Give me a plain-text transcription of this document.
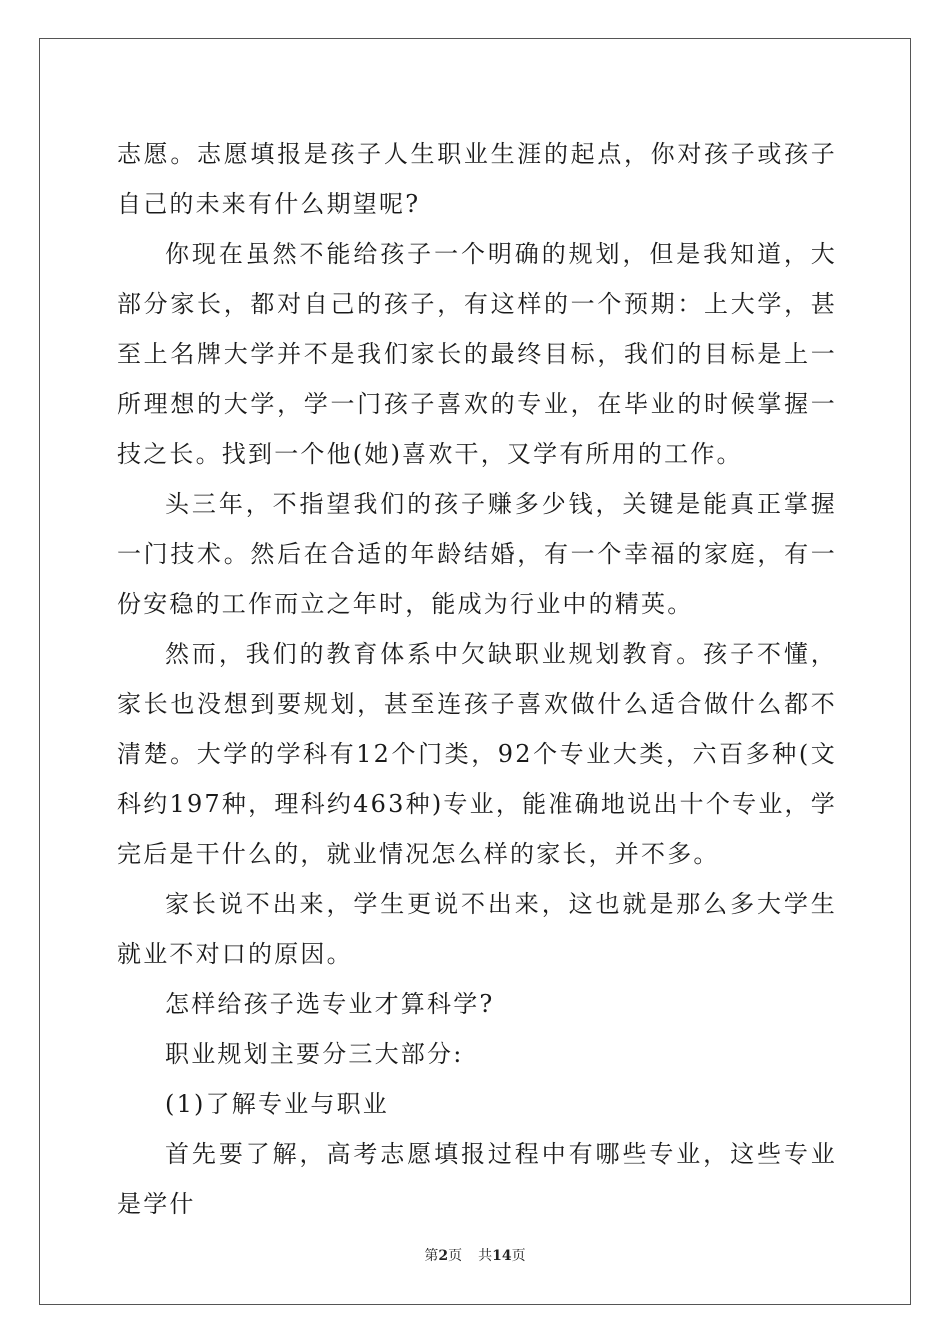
志愿。志愿填报是孩子人生职业生涯的起点，你对孩子或孩子自己的未来有什么期望呢?

你现在虽然不能给孩子一个明确的规划，但是我知道，大部分家长，都对自己的孩子，有这样的一个预期：上大学，甚至上名牌大学并不是我们家长的最终目标，我们的目标是上一所理想的大学，学一门孩子喜欢的专业，在毕业的时候掌握一技之长。找到一个他(她)喜欢干，又学有所用的工作。

头三年，不指望我们的孩子赚多少钱，关键是能真正掌握一门技术。然后在合适的年龄结婚，有一个幸福的家庭，有一份安稳的工作而立之年时，能成为行业中的精英。

然而，我们的教育体系中欠缺职业规划教育。孩子不懂，家长也没想到要规划，甚至连孩子喜欢做什么适合做什么都不清楚。大学的学科有12个门类，92个专业大类，六百多种(文科约197种，理科约463种)专业，能准确地说出十个专业，学完后是干什么的，就业情况怎么样的家长，并不多。

家长说不出来，学生更说不出来，这也就是那么多大学生就业不对口的原因。

怎样给孩子选专业才算科学?

职业规划主要分三大部分:

(1)了解专业与职业

首先要了解，高考志愿填报过程中有哪些专业，这些专业是学什

第2页 共14页
